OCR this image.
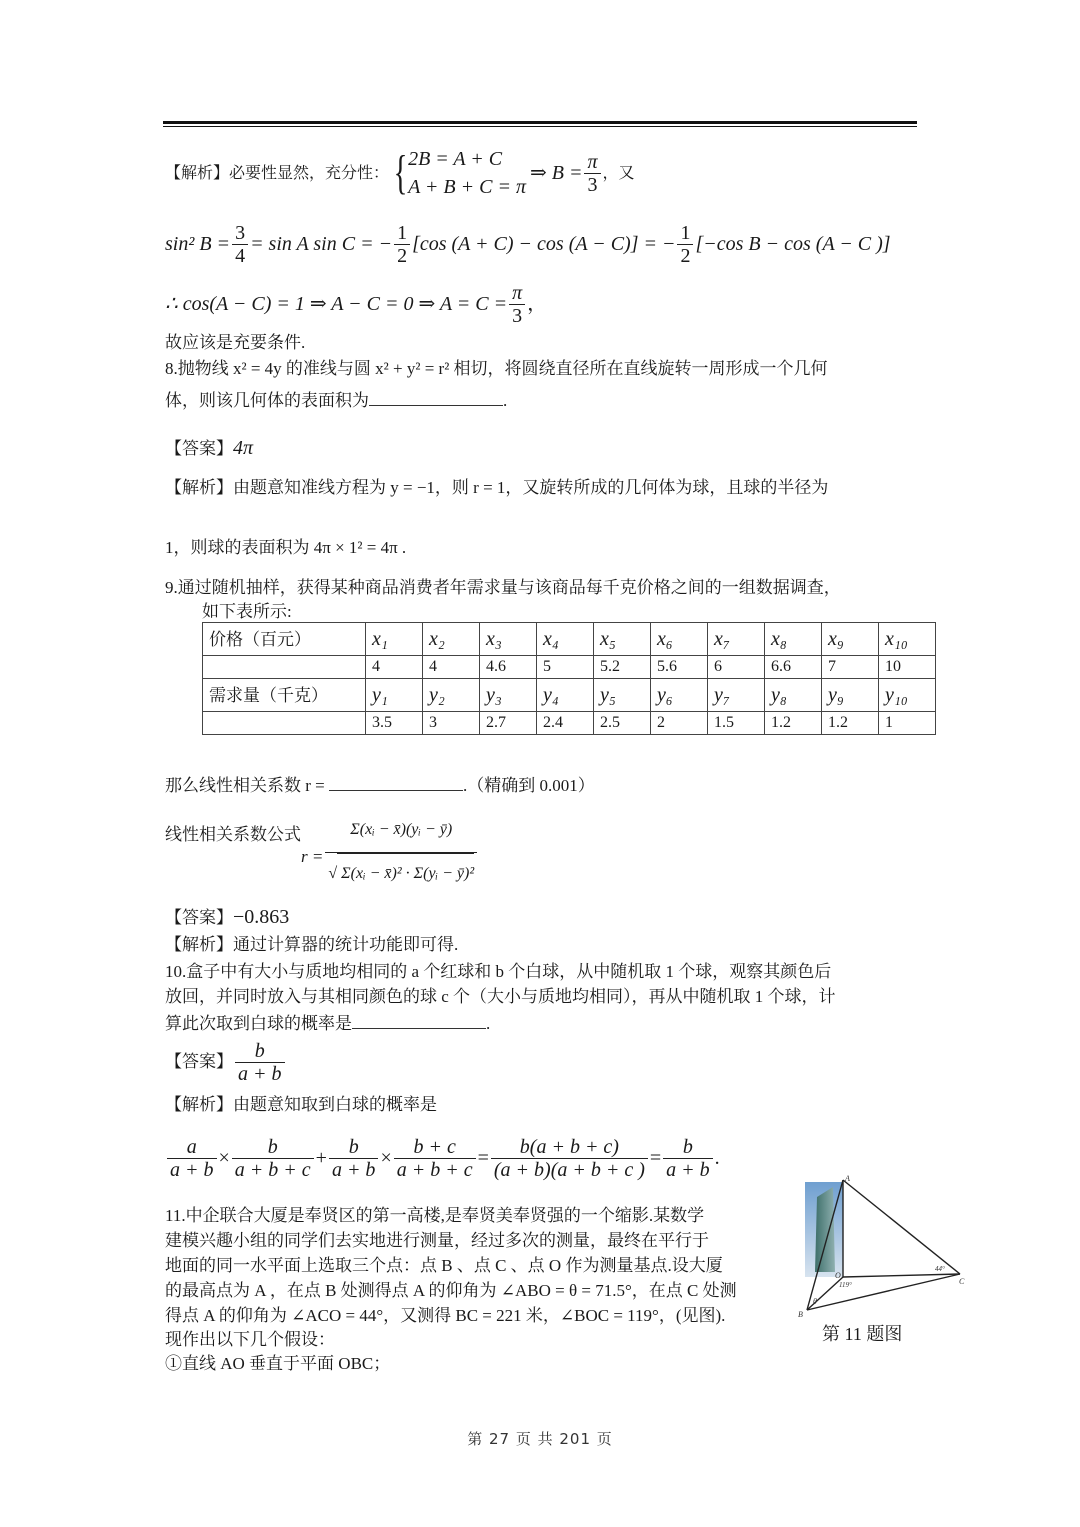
【解析】 必要性显然，充分性： { 2B = A + C
A + B + C = π
⇒ $B = \frac{\pi}{3}$ ，又
sin² $B = \frac{3}{4} = \sin A$ sin C = − $\frac{1}{2} [\cos$ (A + C) − cos (A − C)] = − $\frac{1}{2} [-\cos$ B − cos (A − C )]
∴ cos(A − C) = 1 ⇒ A − C = 0 ⇒ $A = C = \frac{\pi}{3}$ ，
故应该是充要条件.
8.抛物线 x² = 4y 的准线与圆 x² + y² = r² 相切，将圆绕直径所在直线旋转一周形成一个几何
体，则该几何体的表面积为	.
【答案】4π
【解析】由题意知准线方程为 y = −1，则 r = 1，又旋转所成的几何体为球，且球的半径为
1，则球的表面积为 4π × 1² = 4π .
9.通过随机抽样，获得某种商品消费者年需求量与该商品每千克价格之间的一组数据调查，
如下表所示:
价格（百元）	x₁	x₂	x₃	x₄	x₅	x₆	x₇	x₈	x₉	x₁₀
	4	4	4.6	5	5.2	5.6	6	6.6	7	10
需求量（千克）	y₁	y₂	y₃	y₄	y₅	y₆	y₇	y₈	y₉	y₁₀
	3.5	3	2.7	2.4	2.5	2	1.5	1.2	1.2	1
那么线性相关系数 r =	.（精确到 0.001）
线性相关系数公式
$r = \frac{\text{Σ(xᵢ − x̄)(yᵢ − ȳ)}}{\text{√ Σ(xᵢ − x̄)² · Σ(yᵢ − ȳ)²}}$
【答案】−0.863
【解析】通过计算器的统计功能即可得.
10.盒子中有大小与质地均相同的 a 个红球和 b 个白球，从中随机取 1 个球，观察其颜色后
放回，并同时放入与其相同颜色的球 c 个（大小与质地均相同），再从中随机取 1 个球，计
算此次取到白球的概率是	.
【答案】 $\frac{b}{a + b}$
【解析】由题意知取到白球的概率是
$\frac{a}{a + b} \times \frac{b}{a + b + c} + \frac{b}{a + b} \times \frac{b + c}{a + b + c} = \frac{b(a + b + c)}{(a + b)(a + b + c )} = \frac{b}{a + b}$ .
11.中企联合大厦是奉贤区的第一高楼,是奉贤美奉贤强的一个缩影.某数学
建模兴趣小组的同学们去实地进行测量，经过多次的测量，最终在平行于
地面的同一水平面上选取三个点：点 B 、点 C 、点 O 作为测量基点.设大厦
的最高点为 A ，在点 B 处测得点 A 的仰角为 ∠ABO = θ = 71.5°，在点 C 处测
得点 A 的仰角为 ∠ACO = 44°，又测得 BC = 221 米，∠BOC = 119°，(见图).
现作出以下几个假设：
①直线 AO 垂直于平面 OBC；
A
B
C
O
θ
44°
119°
第 11 题图
第 27 页 共 201 页
